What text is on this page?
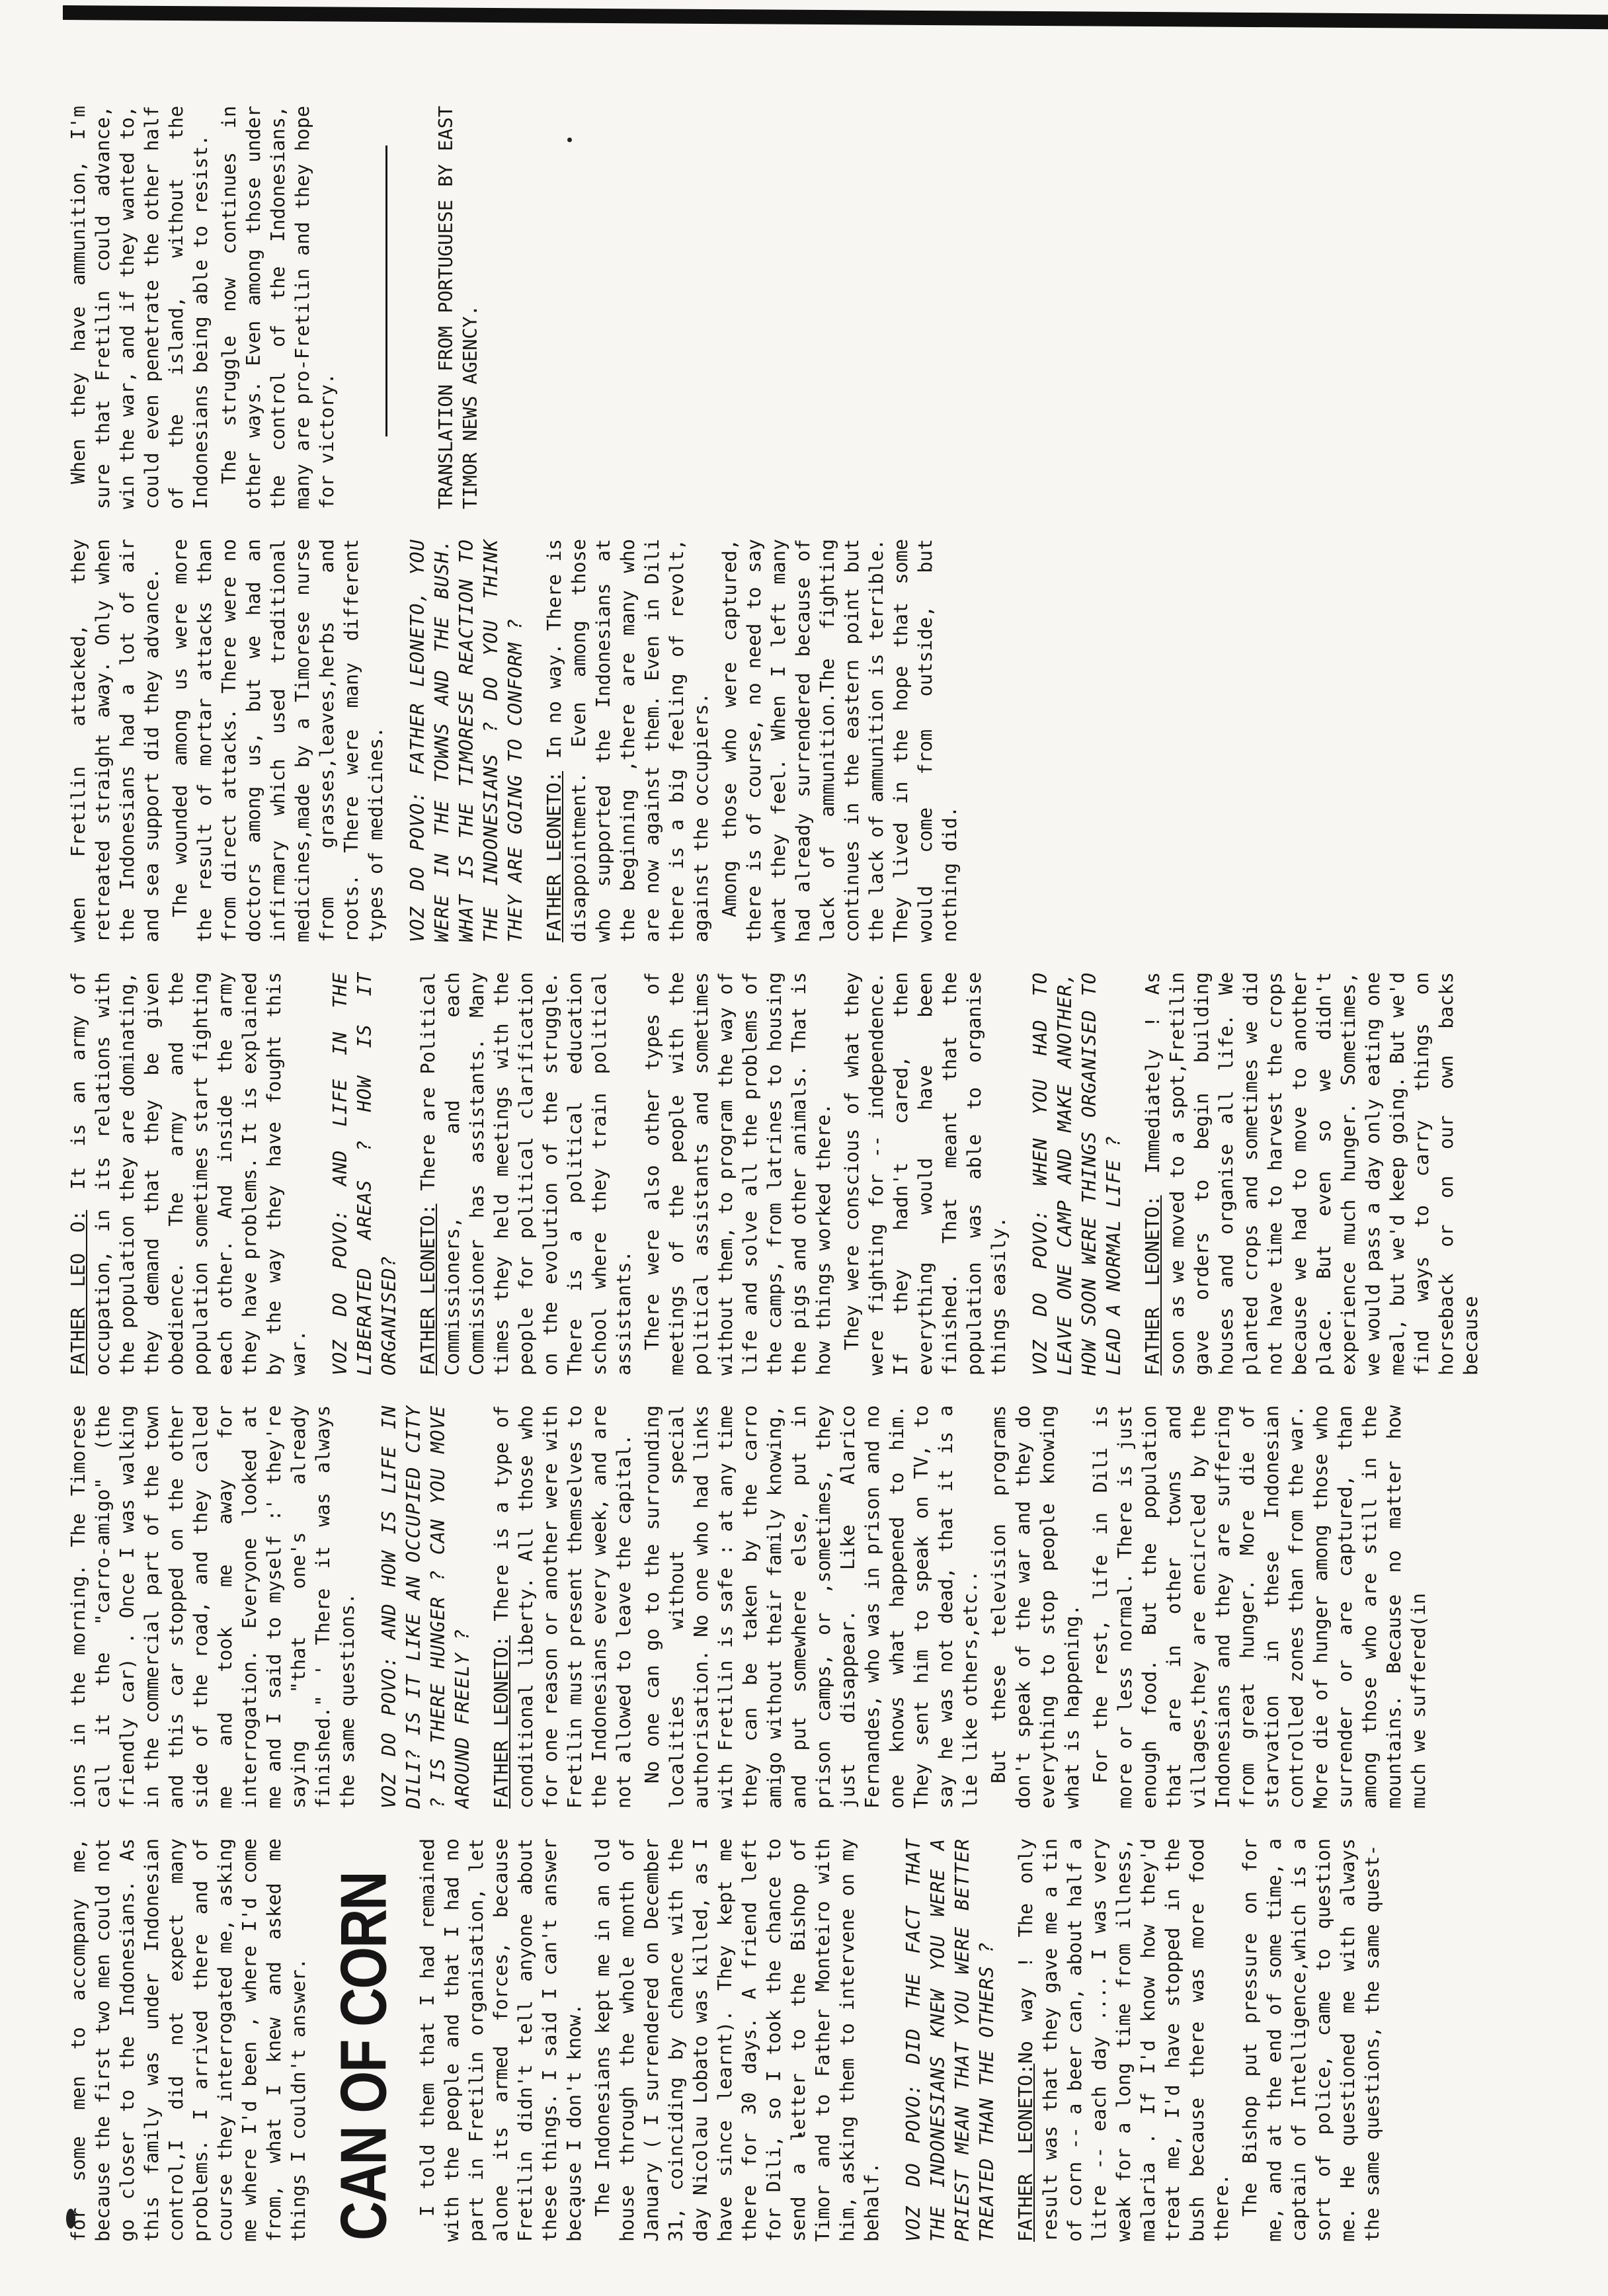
for some men to accompany me, because the first two men could not go closer to the Indonesians. As this family was under Indonesian control,I did not expect many problems. I arrived there and of course they interrogated me, asking me where I'd been , where I'd come from, what I knew and asked me things I couldn't answer. CAN OF CORN I told them that I had remained with the people and that I had no part in Fretilin organisation, let alone its armed forces, because Fretilin didn't tell anyone about these things. I said I can't answer because I don't know. The Indonesians kept me in an old house through the whole month of January ( I surrendered on December 31, coinciding by chance with the day Nicolau Lobato was killed, as I have since learnt). They kept me there for 30 days. A friend left for Dili, so I took the chance to send a letter to the Bishop of Timor and to Father Monteiro with him, asking them to intervene on my behalf. VOZ DO POVO: DID THE FACT THAT THE INDONESIANS KNEW YOU WERE A PRIEST MEAN THAT YOU WERE BETTER TREATED THAN THE OTHERS ? FATHER LEONETO:No way ! The only result was that they gave me a tin of corn -- a beer can, about half a litre -- each day .... I was very weak for a long time from illness, malaria . If I'd know how they'd treat me, I'd have stopped in the bush because there was more food there. The Bishop put pressure on for me, and at the end of some time, a captain of Intelligence,which is a sort of police, came to question me. He questioned me with always the same questions, the same quest-

ions in the morning. The Timorese call it the "carro-amigo" (the friendly car) . Once I was walking in the commercial part of the town and this car stopped on the other side of the road, and they called me and took me away for interrogation. Everyone looked at me and I said to myself :' they're saying "that one's already finished." ' There it was always the same questions. VOZ DO POVO: AND HOW IS LIFE IN DILI? IS IT LIKE AN OCCUPIED CITY ? IS THERE HUNGER ? CAN YOU MOVE AROUND FREELY ? FATHER LEONETO: There is a type of conditional liberty. All those who for one reason or another were with Fretilin must present themselves to the Indonesians every week, and are not allowed to leave the capital. No one can go to the surrounding localities without special authorisation. No one who had links with Fretilin is safe : at any time they can be taken by the carro amigo without their family knowing, and put somewhere else, put in prison camps, or ,sometimes, they just disappear. Like Alarico Fernandes, who was in prison and no one knows what happened to him. They sent him to speak on TV, to say he was not dead, that it is a lie like others,etc.. But these television programs don't speak of the war and they do everything to stop people knowing what is happening. For the rest, life in Dili is more or less normal. There is just enough food. But the population that are in other towns and villages,they are encircled by the Indonesians and they are suffering from great hunger. More die of starvation in these Indonesian controlled zones than from the war. More die of hunger among those who surrender or are captured, than among those who are still in the mountains. Because no matter how much we suffered(in

FATHER LEO O: It is an army of occupation, in its relations with the population they are dominating, they demand that they be given obedience. The army and the population sometimes start fighting each other. And inside the army they have problems. It is explained by the way they have fought this war. VOZ DO POVO: AND LIFE IN THE LIBERATED AREAS ? HOW IS IT ORGANISED? FATHER LEONETO: There are Political Commissioners, and each Commissioner has assistants. Many times they held meetings with the people for political clarification on the evolution of the struggle. There is a political education school where they train political assistants. There were also other types of meetings of the people with the political assistants and sometimes without them, to program the way of life and solve all the problems of the camps, from latrines to housing the pigs and other animals. That is how things worked there. They were conscious of what they were fighting for -- independence. If they hadn't cared, then everything would have been finished. That meant that the population was able to organise things easily. VOZ DO POVO: WHEN YOU HAD TO LEAVE ONE CAMP AND MAKE ANOTHER, HOW SOON WERE THINGS ORGANISED TO LEAD A NORMAL LIFE ? FATHER LEONETO: Immediately ! As soon as we moved to a spot,Fretilin gave orders to begin building houses and organise all life. We planted crops and sometimes we did not have time to harvest the crops because we had to move to another place. But even so we didn't experience much hunger. Sometimes, we would pass a day only eating one meal, but we'd keep going. But we'd find ways to carry things on horseback or on our own backs because

when Fretilin attacked, they retreated straight away. Only when the Indonesians had a lot of air and sea support did they advance. The wounded among us were more the result of mortar attacks than from direct attacks. There were no doctors among us, but we had an infirmary which used traditional medicines,made by a Timorese nurse from grasses,leaves,herbs and roots. There were many different types of medicines. VOZ DO POVO: FATHER LEONETO, YOU WERE IN THE TOWNS AND THE BUSH. WHAT IS THE TIMORESE REACTION TO THE INDONESIANS ? DO YOU THINK THEY ARE GOING TO CONFORM ? FATHER LEONETO: In no way. There is disappointment. Even among those who supported the Indonesians at the beginning ,there are many who are now against them. Even in Dili there is a big feeling of revolt, against the occupiers. Among those who were captured, there is of course, no need to say what they feel. When I left many had already surrendered because of lack of ammunition.The fighting continues in the eastern point but the lack of ammunition is terrible. They lived in the hope that some would come from outside, but nothing did.

When they have ammunition, I'm sure that Fretilin could advance, win the war, and if they wanted to, could even penetrate the other half of the island, without the Indonesians being able to resist. The struggle now continues in other ways. Even among those under the control of the Indonesians, many are pro-Fretilin and they hope for victory.	TRANSLATION FROM PORTUGUESE BY EAST TIMOR NEWS AGENCY.
